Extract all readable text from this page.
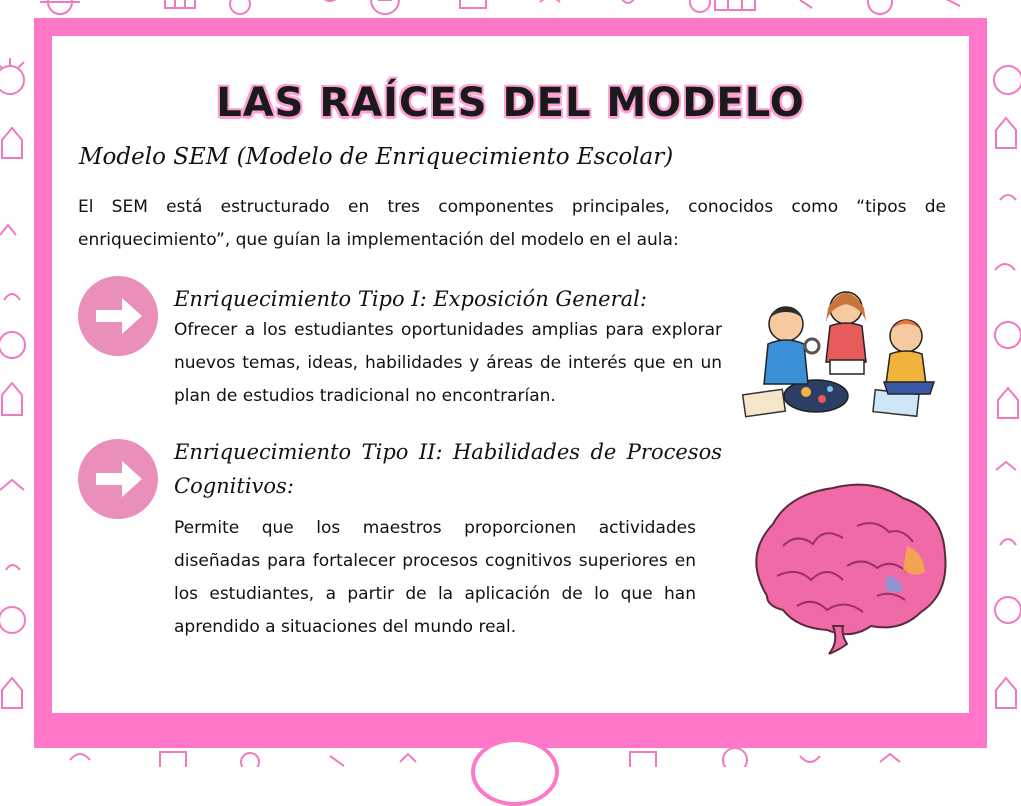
LAS RAÍCES DEL MODELO
Modelo SEM (Modelo de Enriquecimiento Escolar)
El SEM está estructurado en tres componentes principales, conocidos como “tipos de enriquecimiento”, que guían la implementación del modelo en el aula:
Enriquecimiento Tipo I: Exposición General:
Ofrecer a los estudiantes oportunidades amplias para explorar nuevos temas, ideas, habilidades y áreas de interés que en un plan de estudios tradicional no encontrarían.
Enriquecimiento Tipo II: Habilidades de Procesos Cognitivos:
Permite que los maestros proporcionen actividades diseñadas para fortalecer procesos cognitivos superiores en los estudiantes, a partir de la aplicación de lo que han aprendido a situaciones del mundo real.
